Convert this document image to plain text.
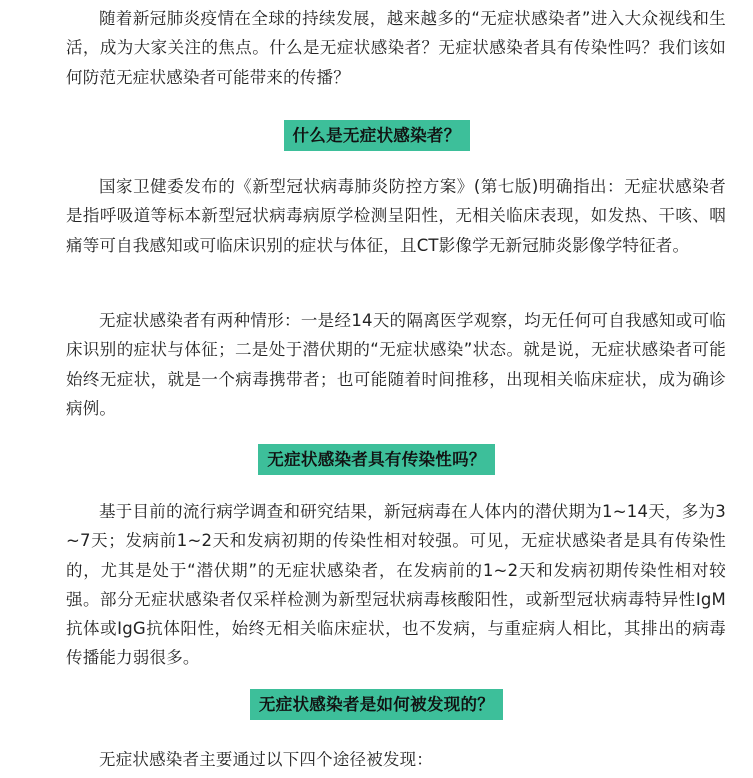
随着新冠肺炎疫情在全球的持续发展，越来越多的“无症状感染者”进入大众视线和生活，成为大家关注的焦点。什么是无症状感染者？无症状感染者具有传染性吗？我们该如何防范无症状感染者可能带来的传播？

什么是无症状感染者？

国家卫健委发布的《新型冠状病毒肺炎防控方案》(第七版)明确指出：无症状感染者是指呼吸道等标本新型冠状病毒病原学检测呈阳性，无相关临床表现，如发热、干咳、咽痛等可自我感知或可临床识别的症状与体征，且CT影像学无新冠肺炎影像学特征者。

无症状感染者有两种情形：一是经14天的隔离医学观察，均无任何可自我感知或可临床识别的症状与体征；二是处于潜伏期的“无症状感染”状态。就是说，无症状感染者可能始终无症状，就是一个病毒携带者；也可能随着时间推移，出现相关临床症状，成为确诊病例。

无症状感染者具有传染性吗？

基于目前的流行病学调查和研究结果，新冠病毒在人体内的潜伏期为1~14天，多为3~7天；发病前1~2天和发病初期的传染性相对较强。可见，无症状感染者是具有传染性的，尤其是处于“潜伏期”的无症状感染者，在发病前的1~2天和发病初期传染性相对较强。部分无症状感染者仅采样检测为新型冠状病毒核酸阳性，或新型冠状病毒特异性IgM抗体或IgG抗体阳性，始终无相关临床症状，也不发病，与重症病人相比，其排出的病毒传播能力弱很多。

无症状感染者是如何被发现的？

无症状感染者主要通过以下四个途径被发现：
